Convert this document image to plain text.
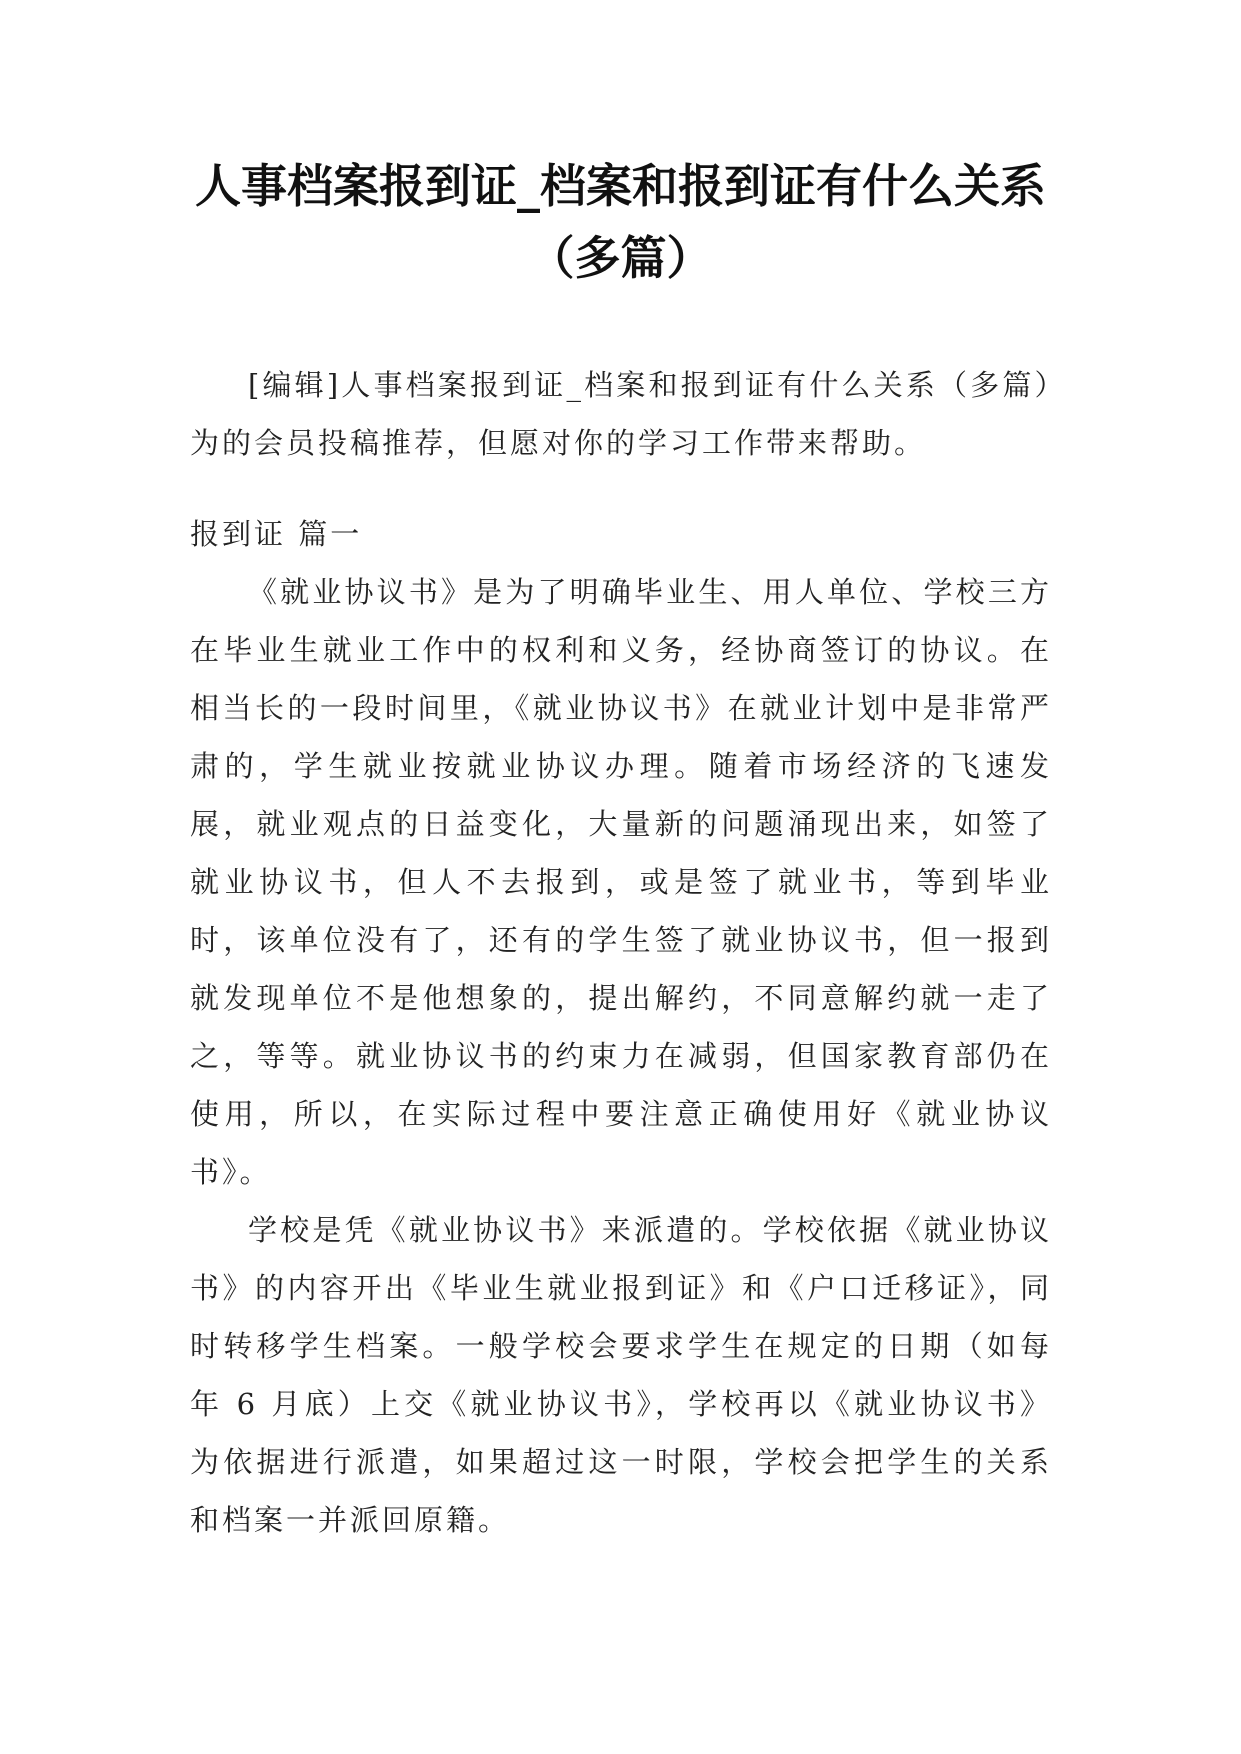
人事档案报到证_档案和报到证有什么关系
（多篇）

[编辑]人事档案报到证_档案和报到证有什么关系（多篇）为的会员投稿推荐，但愿对你的学习工作带来帮助。

报到证 篇一

《就业协议书》是为了明确毕业生、用人单位、学校三方在毕业生就业工作中的权利和义务，经协商签订的协议。在相当长的一段时间里，《就业协议书》在就业计划中是非常严肃的，学生就业按就业协议办理。随着市场经济的飞速发展，就业观点的日益变化，大量新的问题涌现出来，如签了就业协议书，但人不去报到，或是签了就业书，等到毕业时，该单位没有了，还有的学生签了就业协议书，但一报到就发现单位不是他想象的，提出解约，不同意解约就一走了之，等等。就业协议书的约束力在减弱，但国家教育部仍在使用，所以，在实际过程中要注意正确使用好《就业协议书》。

学校是凭《就业协议书》来派遣的。学校依据《就业协议书》的内容开出《毕业生就业报到证》和《户口迁移证》，同时转移学生档案。一般学校会要求学生在规定的日期（如每年 6 月底）上交《就业协议书》，学校再以《就业协议书》为依据进行派遣，如果超过这一时限，学校会把学生的关系和档案一并派回原籍。
